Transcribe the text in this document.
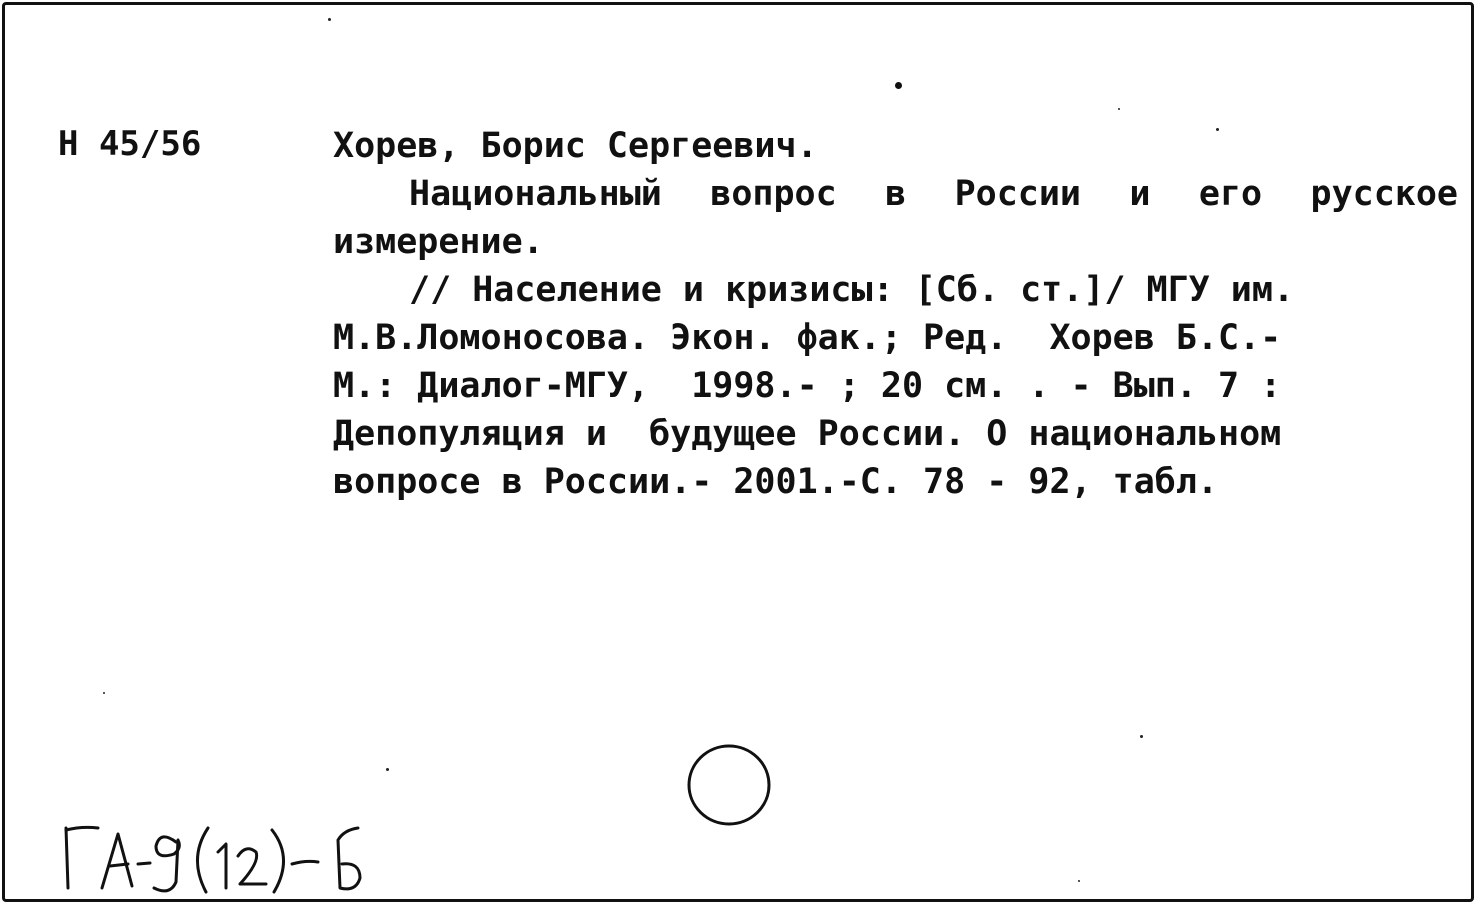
Н 45/56	Хорев, Борис Сергеевич.

Национальный вопрос в России и его русское измерение.

// Население и кризисы: [Сб. ст.]/ МГУ им.

М.В.Ломоносова. Экон. фак.; Ред.  Хорев Б.С.-

М.: Диалог-МГУ,  1998.- ; 20 см. . - Вып. 7 :

Депопуляция и  будущее России. О национальном

вопросе в России.- 2001.-С. 78 - 92, табл.
